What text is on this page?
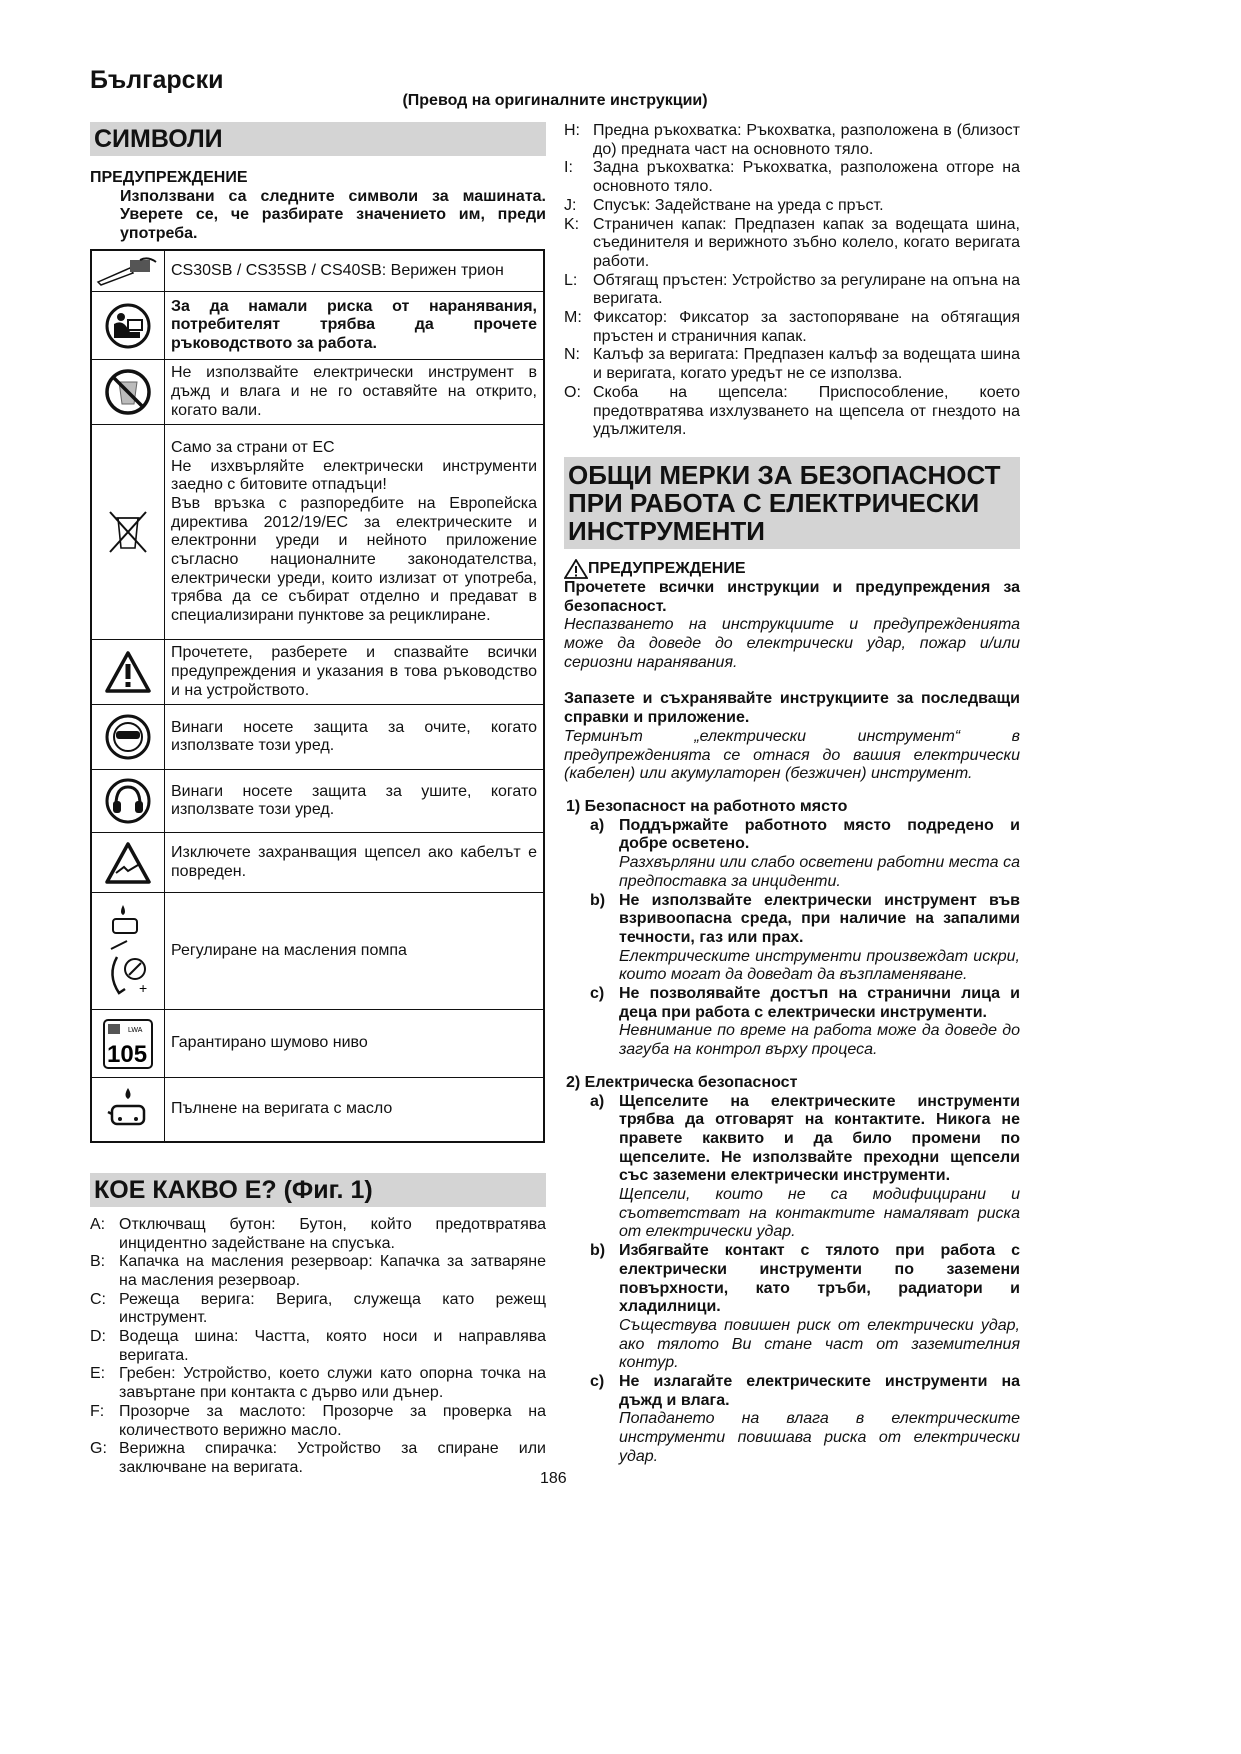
Български
(Превод на оригиналните инструкции)
СИМВОЛИ
ПРЕДУПРЕЖДЕНИЕ
Използвани са следните символи за машината. Уверете се, че разбирате значението им, преди употреба.

CS30SB / CS35SB / CS40SB: Верижен трион

За да намали риска от наранявания, потребителят трябва да прочете ръководството за работа.

Не използвайте електрически инструмент в дъжд и влага и не го оставяйте на открито, когато вали.

Само за страни от ЕС

Не изхвърляйте електрически инструменти заедно с битовите отпадъци!

Във връзка с разпоредбите на Европейска директива 2012/19/ЕС за електрическите и електронни уреди и нейното приложение съгласно националните законодателства, електрически уреди, които излизат от употреба, трябва да се събират отделно и предават в специализирани пунктове за рециклиране.

Прочетете, разберете и спазвайте всички предупреждения и указания в това ръководство и на устройството.

Винаги носете защита за очите, когато използвате този уред.

Винаги носете защита за ушите, когато използвате този уред.

Изключете захранващия щепсел ако кабелът е повреден.

+	Регулиране на масления помпа

LWA
105	Гарантирано шумово ниво

Пълнене на веригата с масло

КОЕ КАКВО Е? (Фиг. 1)
A: Отключващ бутон: Бутон, който предотвратява инцидентно задействане на спусъка.
B: Капачка на масления резервоар: Капачка за затваряне на масления резервоар.
C: Режеща верига: Верига, служеща като режещ инструмент.
D: Водеща шина: Частта, която носи и направлява веригата.
E: Гребен: Устройство, което служи като опорна точка на завъртане при контакта с дърво или дънер.
F: Прозорче за маслото: Прозорче за проверка на количеството верижно масло.
G: Верижна спирачка: Устройство за спиране или заключване на веригата.
H: Предна ръкохватка: Ръкохватка, разположена в (близост до) предната част на основното тяло.
I:	Задна ръкохватка: Ръкохватка, разположена отгоре на основното тяло.
J:	Спусък: Задействане на уреда с пръст.
K: Страничен капак: Предпазен капак за водещата шина, съединителя и верижното зъбно колело, когато веригата работи.
L: Обтягащ пръстен: Устройство за регулиране на опъна на веригата.
M: Фиксатор: Фиксатор за застопоряване на обтягащия пръстен и страничния капак.
N: Калъф за веригата: Предпазен калъф за водещата шина и веригата, когато уредът не се използва.
O: Скоба на щепсела: Приспособление, което предотвратява изхлузването на щепсела от гнездото на удължителя.
ОБЩИ МЕРКИ ЗА БЕЗОПАСНОСТ ПРИ РАБОТА С ЕЛЕКТРИЧЕСКИ ИНСТРУМЕНТИ
ПРЕДУПРЕЖДЕНИЕ
Прочетете всички инструкции и предупреждения за безопасност.
Неспазването на инструкциите и предупрежденията може да доведе до електрически удар, пожар и/или сериозни наранявания.
Запазете и съхранявайте инструкциите за последващи справки и приложение.
Терминът „електрически инструмент“ в предупрежденията се отнася до вашия електрически (кабелен) или акумулаторен (безжичен) инструмент.
1) Безопасност на работното място
a) Поддържайте работното място подредено и добре осветено.
Разхвърляни или слабо осветени работни места са предпоставка за инциденти.
b) Не използвайте електрически инструмент във взривоопасна среда, при наличие на запалими течности, газ или прах.
Електрическите инструменти произвеждат искри, които могат да доведат да възпламеняване.
c) Не позволявайте достъп на странични лица и деца при работа с електрически инструменти.
Невнимание по време на работа може да доведе до загуба на контрол върху процеса.
2) Електрическа безопасност
a) Щепселите на електрическите инструменти трябва да отговарят на контактите. Никога не правете каквито и да било промени по щепселите. Не използвайте преходни щепсели със заземени електрически инструменти.
Щепсели, които не са модифицирани и съответстват на контактите намаляват риска от електрически удар.
b) Избягвайте контакт с тялото при работа с електрически инструменти по заземени повърхности, като тръби, радиатори и хладилници.
Съществува повишен риск от електрически удар, ако тялото Ви стане част от заземителния контур.
c) Не излагайте електрическите инструменти на дъжд и влага.
Попадането на влага в електрическите инструменти повишава риска от електрически удар.
186
